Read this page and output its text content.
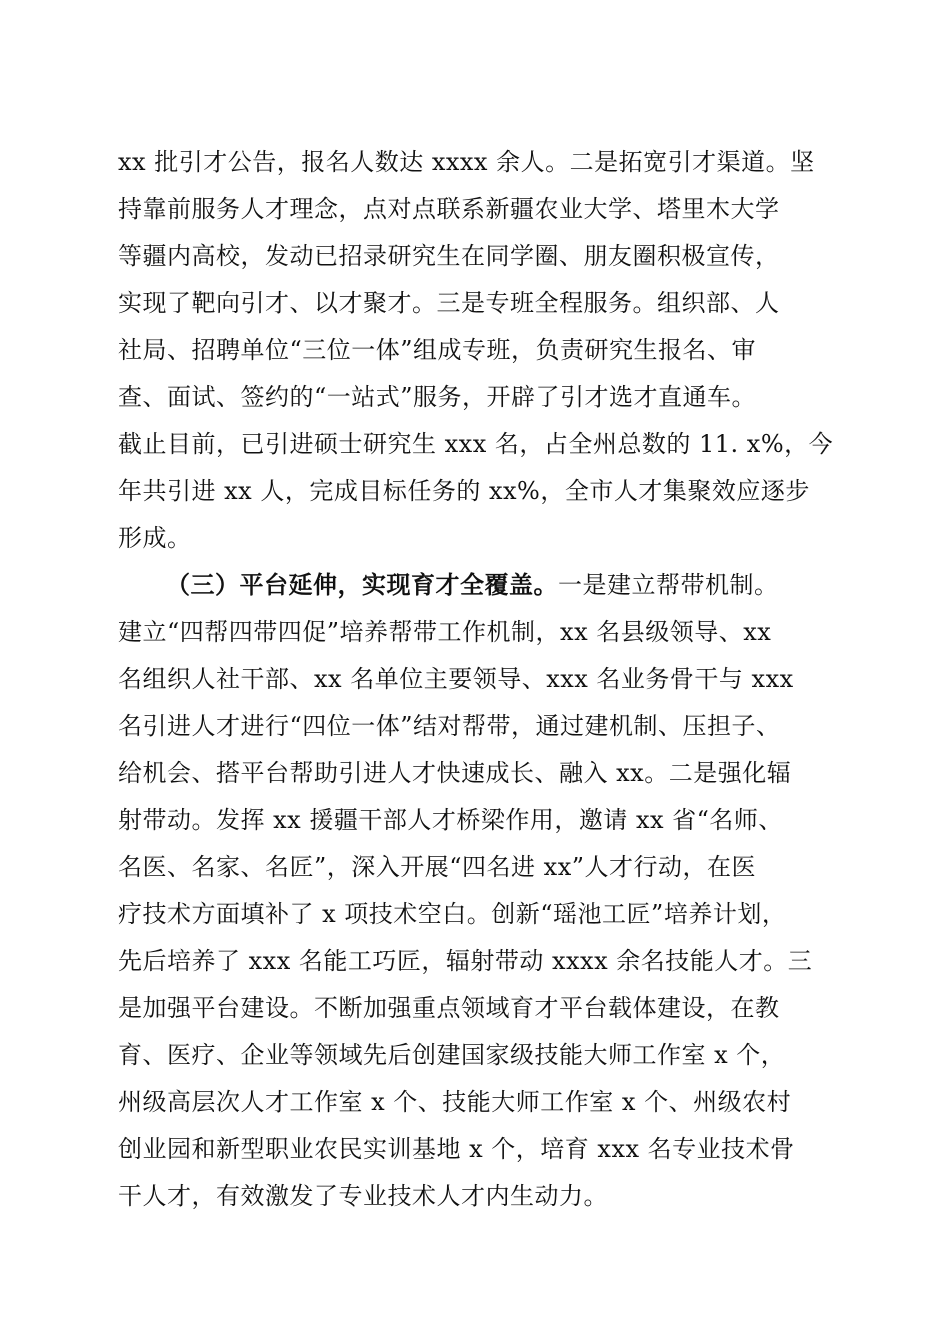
xx 批引才公告，报名人数达 xxxx 余人。二是拓宽引才渠道。坚
持靠前服务人才理念，点对点联系新疆农业大学、塔里木大学
等疆内高校，发动已招录研究生在同学圈、朋友圈积极宣传，
实现了靶向引才、以才聚才。三是专班全程服务。组织部、人
社局、招聘单位“三位一体”组成专班，负责研究生报名、审
查、面试、签约的“一站式”服务，开辟了引才选才直通车。
截止目前，已引进硕士研究生 xxx 名，占全州总数的 11. x%，今
年共引进 xx 人，完成目标任务的 xx%，全市人才集聚效应逐步
形成。
（三）平台延伸，实现育才全覆盖。一是建立帮带机制。
建立“四帮四带四促”培养帮带工作机制，xx 名县级领导、xx
名组织人社干部、xx 名单位主要领导、xxx 名业务骨干与 xxx
名引进人才进行“四位一体”结对帮带，通过建机制、压担子、
给机会、搭平台帮助引进人才快速成长、融入 xx。二是强化辐
射带动。发挥 xx 援疆干部人才桥梁作用，邀请 xx 省“名师、
名医、名家、名匠”，深入开展“四名进 xx”人才行动，在医
疗技术方面填补了 x 项技术空白。创新“瑶池工匠”培养计划，
先后培养了 xxx 名能工巧匠，辐射带动 xxxx 余名技能人才。三
是加强平台建设。不断加强重点领域育才平台载体建设，在教
育、医疗、企业等领域先后创建国家级技能大师工作室 x 个，
州级高层次人才工作室 x 个、技能大师工作室 x 个、州级农村
创业园和新型职业农民实训基地 x 个，培育 xxx 名专业技术骨
干人才，有效激发了专业技术人才内生动力。
